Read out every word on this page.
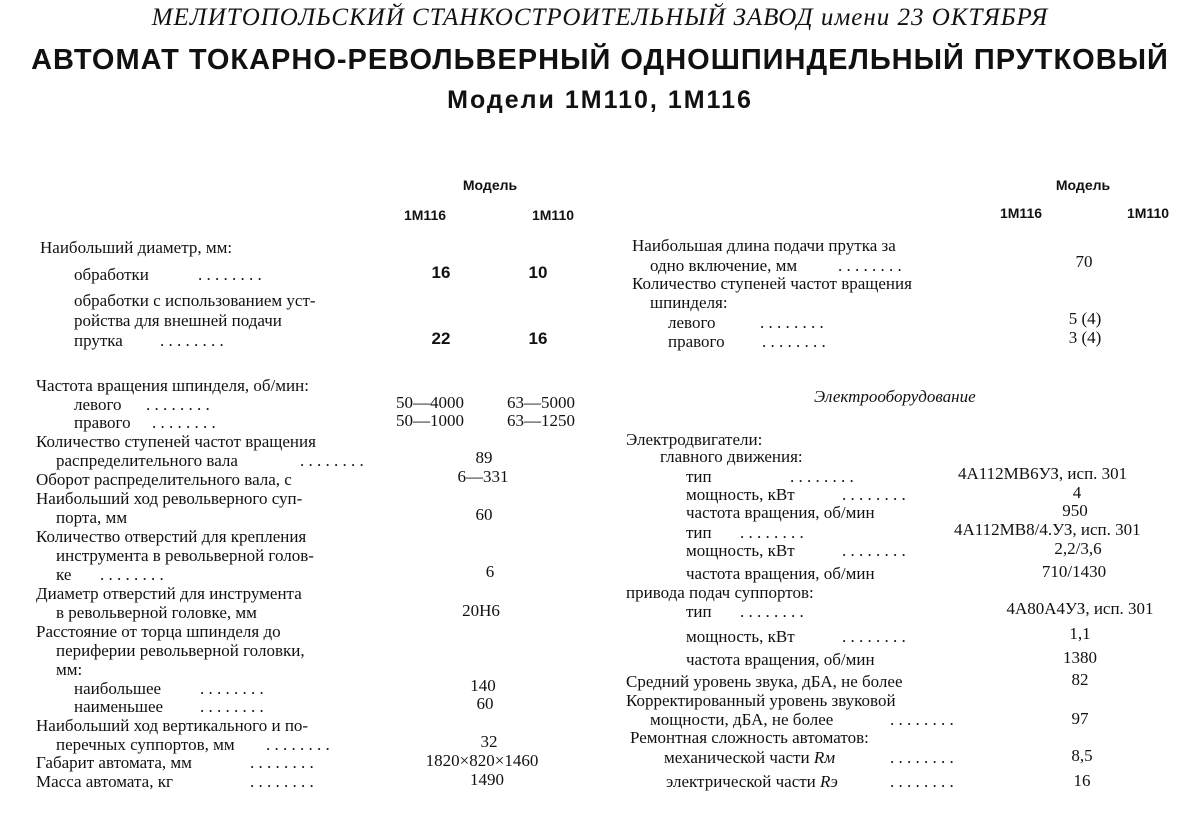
МЕЛИТОПОЛЬСКИЙ СТАНКОСТРОИТЕЛЬНЫЙ ЗАВОД имени 23 ОКТЯБРЯ
АВТОМАТ ТОКАРНО-РЕВОЛЬВЕРНЫЙ ОДНОШПИНДЕЛЬНЫЙ ПРУТКОВЫЙ
Модели 1М110, 1М116
Модель
1М116	1М110
Модель
1М116	1М110
Наибольший диаметр, мм:
обработки	. . . . . . . .	16	10
обработки с использованием уст-
ройства для внешней подачи
прутка . . . . . . . .	22	16
Частота вращения шпинделя, об/мин:
левого . . . . . . . .	50—4000	63—5000
правого . . . . . . . .	50—1000	63—1250
Количество ступеней частот вращения
распределительного вала	. . . . . . . .	89
Оборот распределительного вала, с	6—331
Наибольший ход револьверного суп-
порта, мм	60
Количество отверстий для крепления
инструмента в револьверной голов-
ке . . . . . . . .	6
Диаметр отверстий для инструмента
в револьверной головке, мм	20Н6
Расстояние от торца шпинделя до
периферии револьверной головки,
мм:
наибольшее . . . . . . . .	140
наименьшее . . . . . . . .	60
Наибольший ход вертикального и по-
перечных суппортов, мм . . . . . . . .	32
Габарит автомата, мм	. . . . . . . .	1820×820×1460
Масса автомата, кг	. . . . . . . .	1490
Наибольшая длина подачи прутка за
одно включение, мм . . . . . . . .	70
Количество ступеней частот вращения
шпинделя:
левого	. . . . . . . .	5 (4)
правого . . . . . . . .	3 (4)
Электрооборудование
Электродвигатели:
главного движения:
тип	. . . . . . . .	4А112МВ6УЗ, исп. 301
мощность, кВт	. . . . . . . .	4
частота вращения, об/мин	950
тип . . . . . . . .	4А112МВ8/4.УЗ, исп. 301
мощность, кВт	. . . . . . . .	2,2/3,6
частота вращения, об/мин	710/1430
привода подач суппортов:
тип . . . . . . . .	4А80А4УЗ, исп. 301
мощность, кВт	. . . . . . . .	1,1
частота вращения, об/мин	1380
Средний уровень звука, дБА, не более	82
Корректированный уровень звуковой
мощности, дБА, не более	. . . . . . . .	97
Ремонтная сложность автоматов:
механической части Rм	. . . . . . . .	8,5
электрической части Rэ	. . . . . . . .	16
